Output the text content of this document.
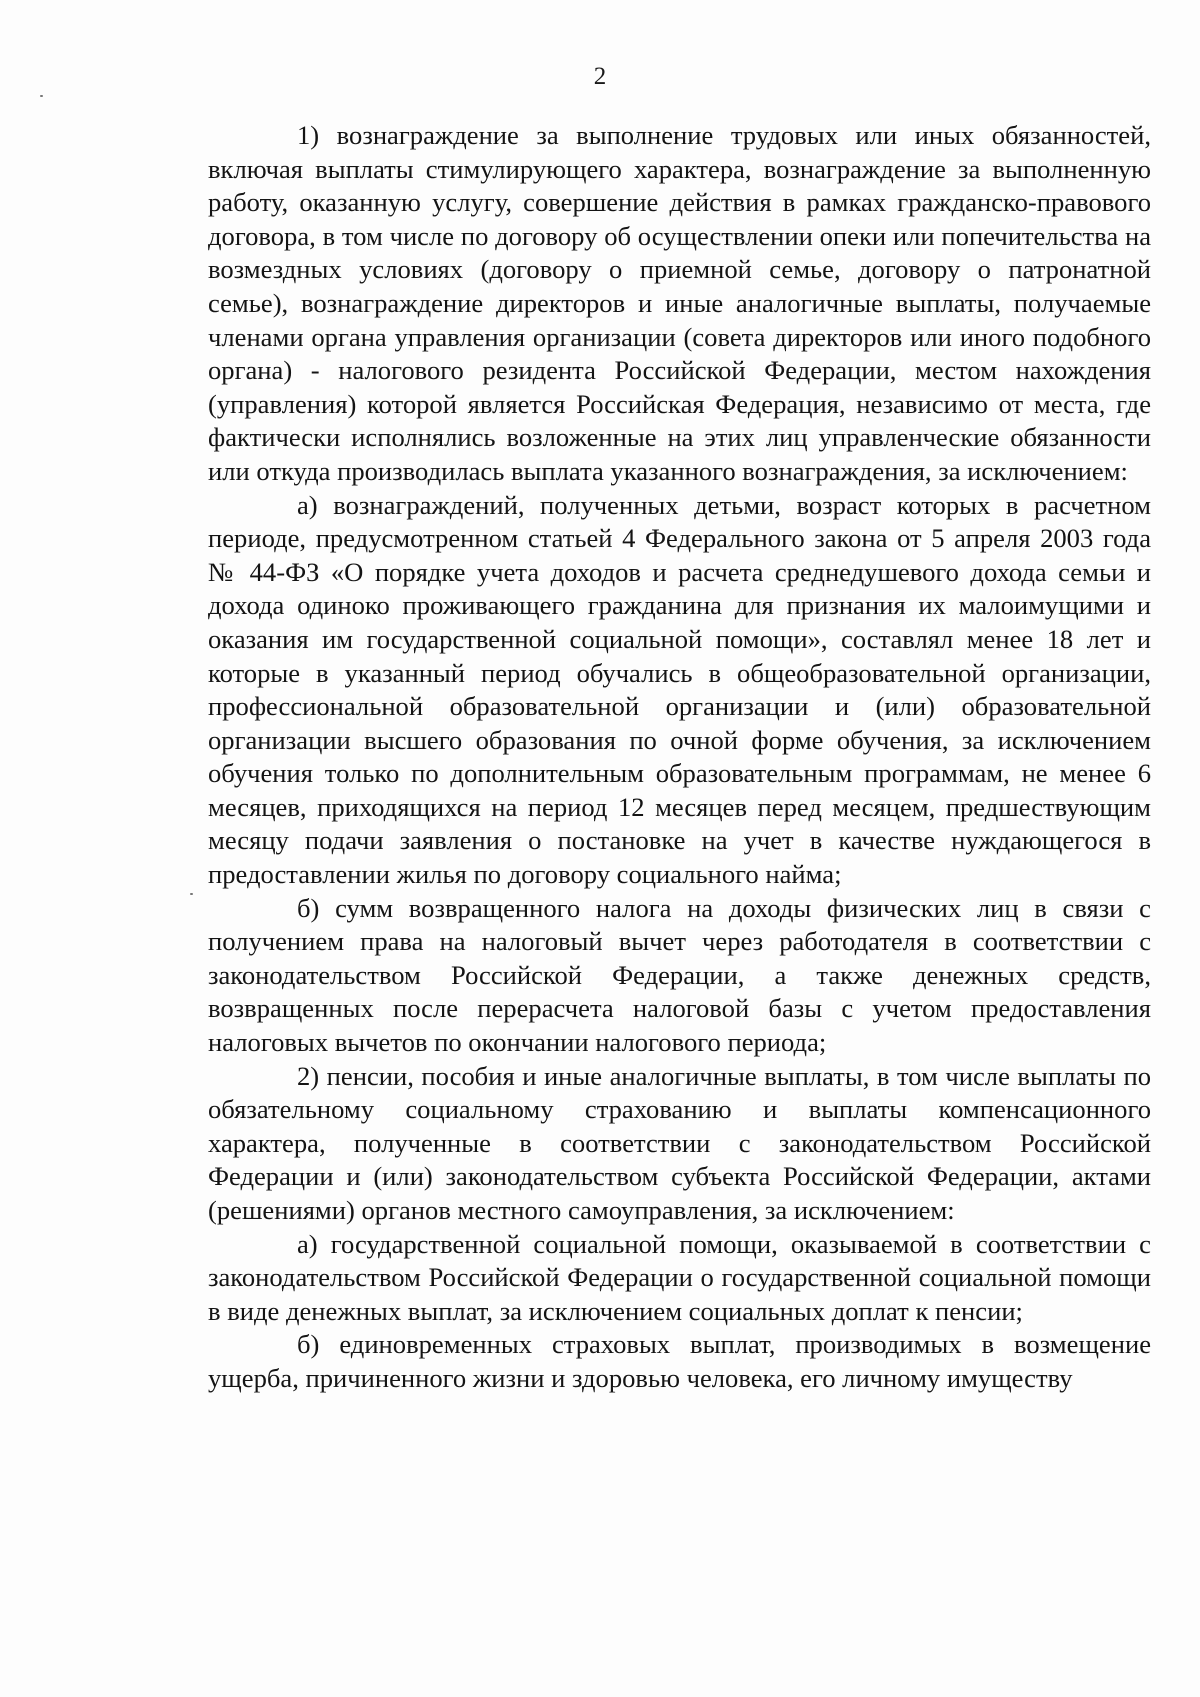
2

1) вознаграждение за выполнение трудовых или иных обязанностей, включая выплаты стимулирующего характера, вознаграждение за выполненную работу, оказанную услугу, совершение действия в рамках гражданско-правового договора, в том числе по договору об осуществлении опеки или попечительства на возмездных условиях (договору о приемной семье, договору о патронатной семье), вознаграждение директоров и иные аналогичные выплаты, получаемые членами органа управления организации (совета директоров или иного подобного органа) - налогового резидента Российской Федерации, местом нахождения (управления) которой является Российская Федерация, независимо от места, где фактически исполнялись возложенные на этих лиц управленческие обязанности или откуда производилась выплата указанного вознаграждения, за исключением:

а) вознаграждений, полученных детьми, возраст которых в расчетном периоде, предусмотренном статьей 4 Федерального закона от 5 апреля 2003 года № 44-ФЗ «О порядке учета доходов и расчета среднедушевого дохода семьи и дохода одиноко проживающего гражданина для признания их малоимущими и оказания им государственной социальной помощи», составлял менее 18 лет и которые в указанный период обучались в общеобразовательной организации, профессиональной образовательной организации и (или) образовательной организации высшего образования по очной форме обучения, за исключением обучения только по дополнительным образовательным программам, не менее 6 месяцев, приходящихся на период 12 месяцев перед месяцем, предшествующим месяцу подачи заявления о постановке на учет в качестве нуждающегося в предоставлении жилья по договору социального найма;

б) сумм возвращенного налога на доходы физических лиц в связи с получением права на налоговый вычет через работодателя в соответствии с законодательством Российской Федерации, а также денежных средств, возвращенных после перерасчета налоговой базы с учетом предоставления налоговых вычетов по окончании налогового периода;

2) пенсии, пособия и иные аналогичные выплаты, в том числе выплаты по обязательному социальному страхованию и выплаты компенсационного характера, полученные в соответствии с законодательством Российской Федерации и (или) законодательством субъекта Российской Федерации, актами (решениями) органов местного самоуправления, за исключением:

а) государственной социальной помощи, оказываемой в соответствии с законодательством Российской Федерации о государственной социальной помощи в виде денежных выплат, за исключением социальных доплат к пенсии;

б) единовременных страховых выплат, производимых в возмещение ущерба, причиненного жизни и здоровью человека, его личному имуществу
